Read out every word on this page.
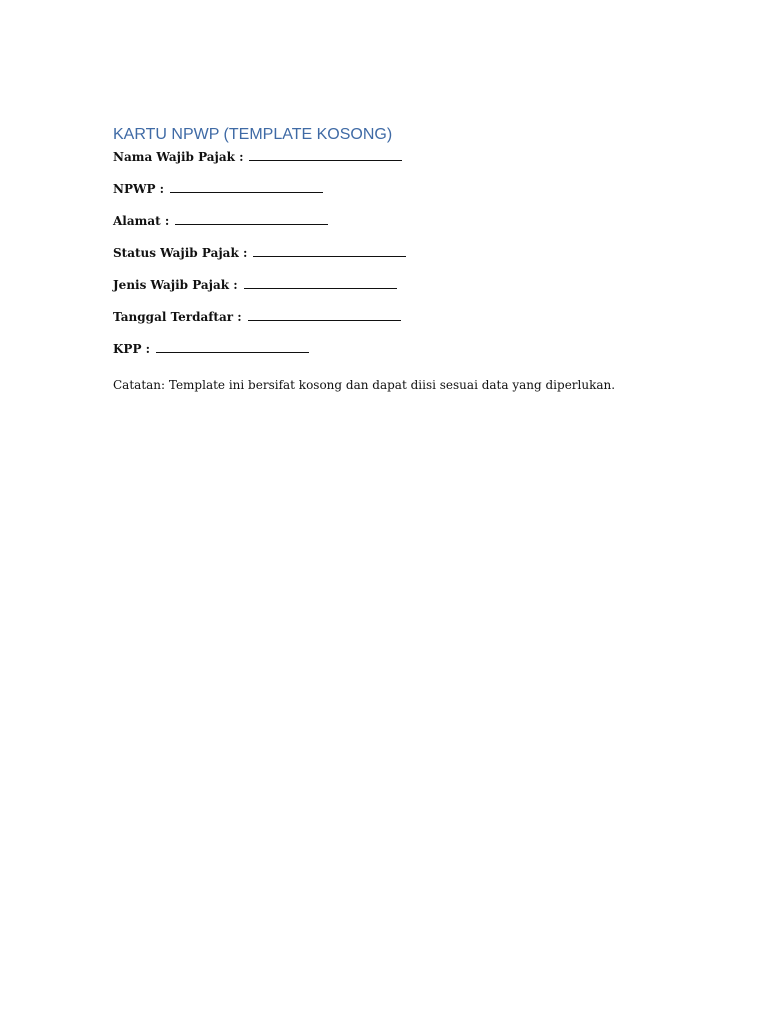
KARTU NPWP (TEMPLATE KOSONG)
Nama Wajib Pajak :
NPWP :
Alamat :
Status Wajib Pajak :
Jenis Wajib Pajak :
Tanggal Terdaftar :
KPP :
Catatan: Template ini bersifat kosong dan dapat diisi sesuai data yang diperlukan.
